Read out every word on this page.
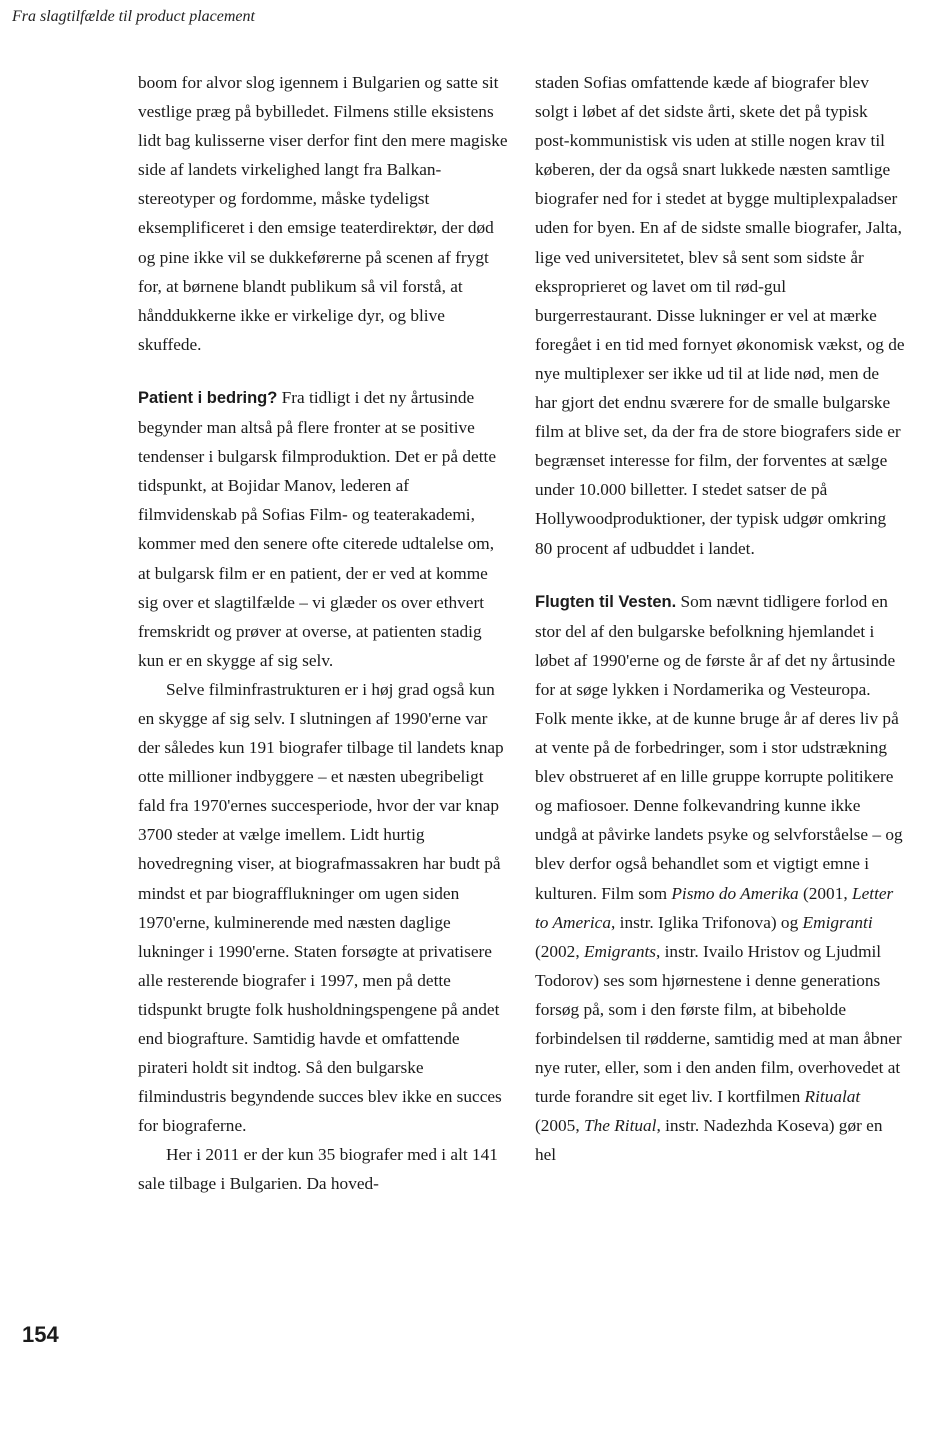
Fra slagtilfælde til product placement

boom for alvor slog igennem i Bulgarien og satte sit vestlige præg på bybilledet. Filmens stille eksistens lidt bag kulisserne viser derfor fint den mere magiske side af landets virkelighed langt fra Balkan-stereotyper og fordomme, måske tydeligst eksemplificeret i den emsige teaterdirektør, der død og pine ikke vil se dukkeførerne på scenen af frygt for, at børnene blandt publikum så vil forstå, at hånddukkerne ikke er virkelige dyr, og blive skuffede.

Patient i bedring? Fra tidligt i det ny årtusinde begynder man altså på flere fronter at se positive tendenser i bulgarsk filmproduktion. Det er på dette tidspunkt, at Bojidar Manov, lederen af filmvidenskab på Sofias Film- og teaterakademi, kommer med den senere ofte citerede udtalelse om, at bulgarsk film er en patient, der er ved at komme sig over et slagtilfælde – vi glæder os over ethvert fremskridt og prøver at overse, at patienten stadig kun er en skygge af sig selv.

Selve filminfrastrukturen er i høj grad også kun en skygge af sig selv. I slutningen af 1990'erne var der således kun 191 biografer tilbage til landets knap otte millioner indbyggere – et næsten ubegribeligt fald fra 1970'ernes succesperiode, hvor der var knap 3700 steder at vælge imellem. Lidt hurtig hovedregning viser, at biografmassakren har budt på mindst et par biografflukninger om ugen siden 1970'erne, kulminerende med næsten daglige lukninger i 1990'erne. Staten forsøgte at privatisere alle resterende biografer i 1997, men på dette tidspunkt brugte folk husholdningspengene på andet end biografture. Samtidig havde et omfattende pirateri holdt sit indtog. Så den bulgarske filmindustris begyndende succes blev ikke en succes for biograferne.

Her i 2011 er der kun 35 biografer med i alt 141 sale tilbage i Bulgarien. Da hoved-

staden Sofias omfattende kæde af biografer blev solgt i løbet af det sidste årti, skete det på typisk post-kommunistisk vis uden at stille nogen krav til køberen, der da også snart lukkede næsten samtlige biografer ned for i stedet at bygge multiplexpaladser uden for byen. En af de sidste smalle biografer, Jalta, lige ved universitetet, blev så sent som sidste år eksproprieret og lavet om til rød-gul burgerrestaurant. Disse lukninger er vel at mærke foregået i en tid med fornyet økonomisk vækst, og de nye multiplexer ser ikke ud til at lide nød, men de har gjort det endnu sværere for de smalle bulgarske film at blive set, da der fra de store biografers side er begrænset interesse for film, der forventes at sælge under 10.000 billetter. I stedet satser de på Hollywoodproduktioner, der typisk udgør omkring 80 procent af udbuddet i landet.

Flugten til Vesten. Som nævnt tidligere forlod en stor del af den bulgarske befolkning hjemlandet i løbet af 1990'erne og de første år af det ny årtusinde for at søge lykken i Nordamerika og Vesteuropa. Folk mente ikke, at de kunne bruge år af deres liv på at vente på de forbedringer, som i stor udstrækning blev obstrueret af en lille gruppe korrupte politikere og mafiosoer. Denne folkevandring kunne ikke undgå at påvirke landets psyke og selvforståelse – og blev derfor også behandlet som et vigtigt emne i kulturen. Film som Pismo do Amerika (2001, Letter to America, instr. Iglika Trifonova) og Emigranti (2002, Emigrants, instr. Ivailo Hristov og Ljudmil Todorov) ses som hjørnestene i denne generations forsøg på, som i den første film, at bibeholde forbindelsen til rødderne, samtidig med at man åbner nye ruter, eller, som i den anden film, overhovedet at turde forandre sit eget liv. I kortfilmen Ritualat (2005, The Ritual, instr. Nadezhda Koseva) gør en hel

154
